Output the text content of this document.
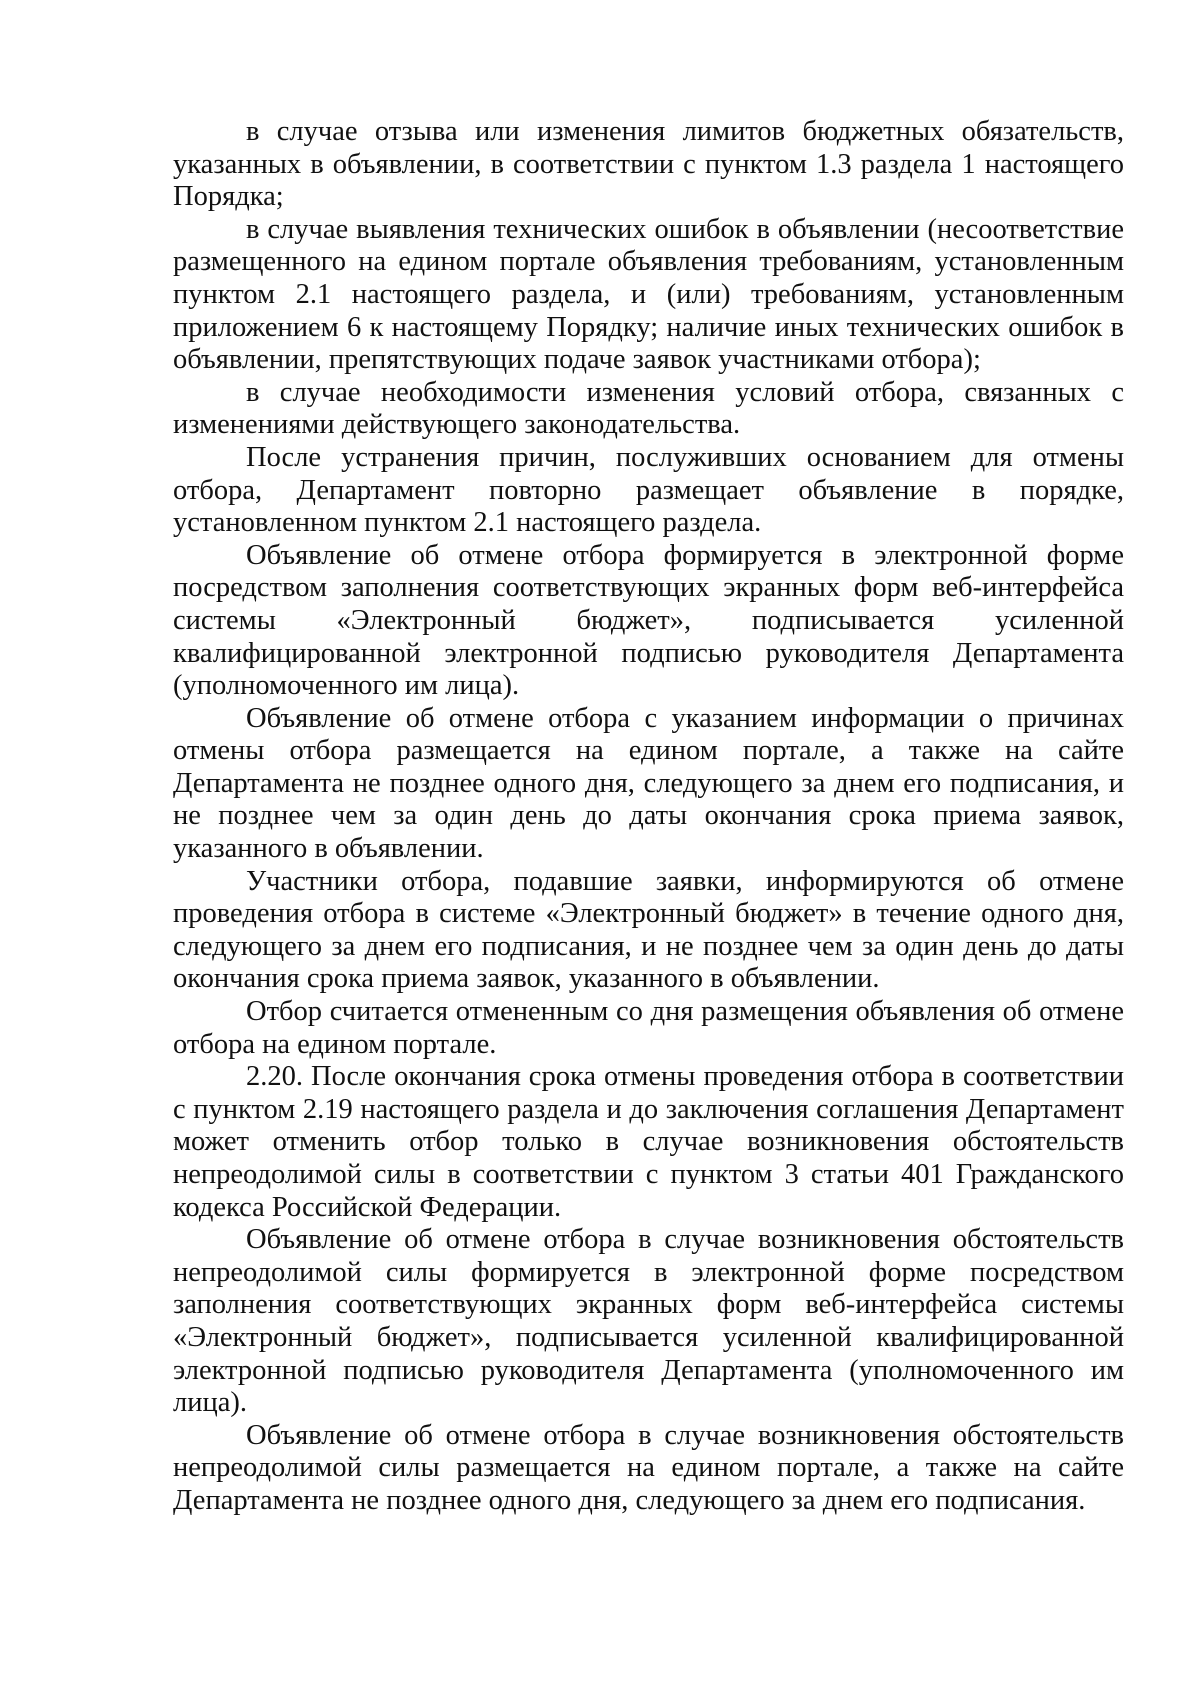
в случае отзыва или изменения лимитов бюджетных обязательств, указанных в объявлении, в соответствии с пунктом 1.3 раздела 1 настоящего Порядка;

в случае выявления технических ошибок в объявлении (несоответствие размещенного на едином портале объявления требованиям, установленным пунктом 2.1 настоящего раздела, и (или) требованиям, установленным приложением 6 к настоящему Порядку; наличие иных технических ошибок в объявлении, препятствующих подаче заявок участниками отбора);

в случае необходимости изменения условий отбора, связанных с изменениями действующего законодательства.

После устранения причин, послуживших основанием для отмены отбора, Департамент повторно размещает объявление в порядке, установленном пунктом 2.1 настоящего раздела.

Объявление об отмене отбора формируется в электронной форме посредством заполнения соответствующих экранных форм веб-интерфейса системы «Электронный бюджет», подписывается усиленной квалифицированной электронной подписью руководителя Департамента (уполномоченного им лица).

Объявление об отмене отбора с указанием информации о причинах отмены отбора размещается на едином портале, а также на сайте Департамента не позднее одного дня, следующего за днем его подписания, и не позднее чем за один день до даты окончания срока приема заявок, указанного в объявлении.

Участники отбора, подавшие заявки, информируются об отмене проведения отбора в системе «Электронный бюджет» в течение одного дня, следующего за днем его подписания, и не позднее чем за один день до даты окончания срока приема заявок, указанного в объявлении.

Отбор считается отмененным со дня размещения объявления об отмене отбора на едином портале.

2.20. После окончания срока отмены проведения отбора в соответствии с пунктом 2.19 настоящего раздела и до заключения соглашения Департамент может отменить отбор только в случае возникновения обстоятельств непреодолимой силы в соответствии с пунктом 3 статьи 401 Гражданского кодекса Российской Федерации.

Объявление об отмене отбора в случае возникновения обстоятельств непреодолимой силы формируется в электронной форме посредством заполнения соответствующих экранных форм веб-интерфейса системы «Электронный бюджет», подписывается усиленной квалифицированной электронной подписью руководителя Департамента (уполномоченного им лица).

Объявление об отмене отбора в случае возникновения обстоятельств непреодолимой силы размещается на едином портале, а также на сайте Департамента не позднее одного дня, следующего за днем его подписания.
